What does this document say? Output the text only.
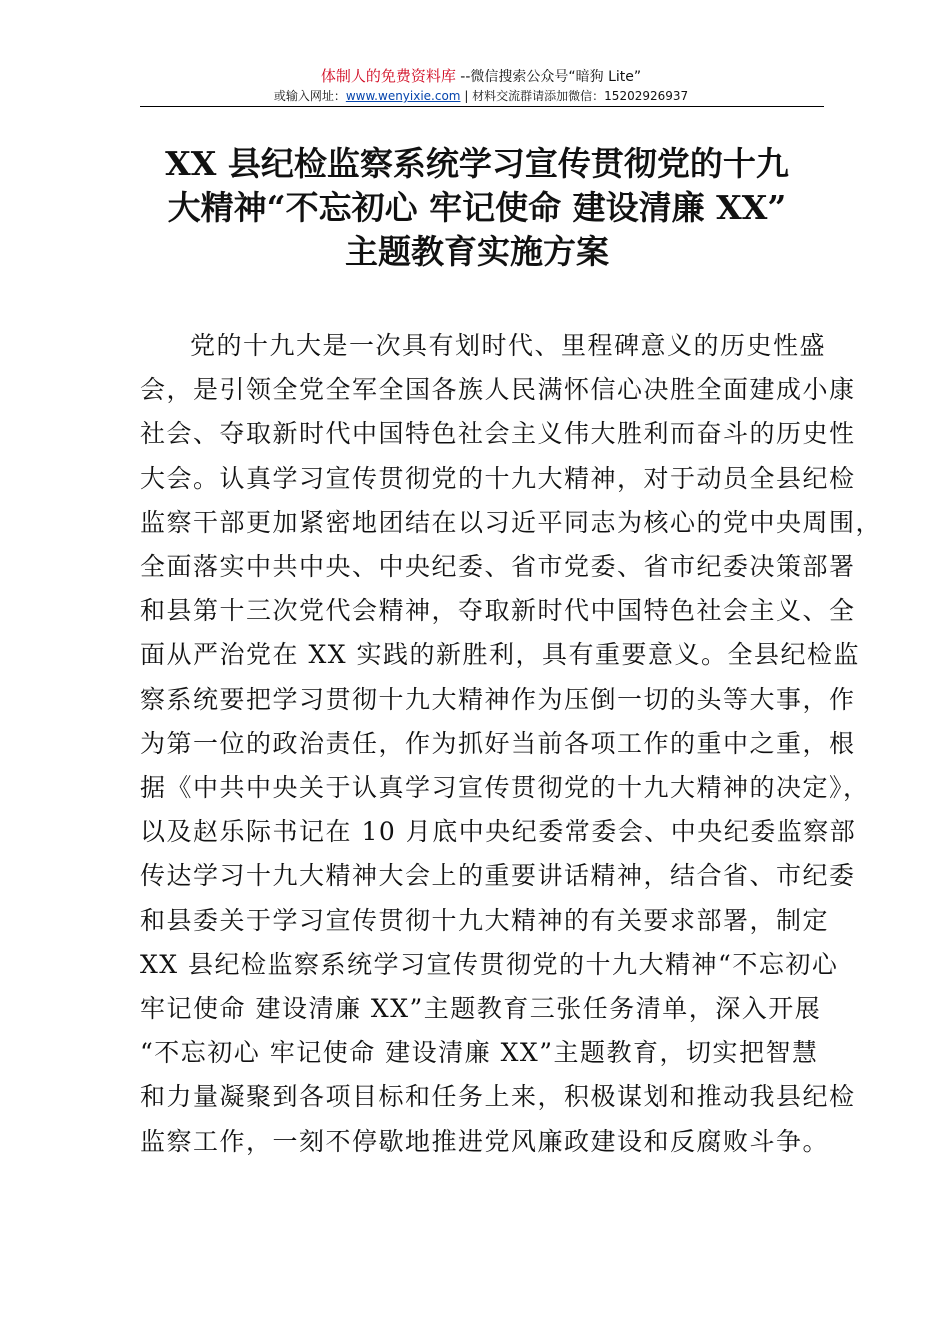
体制人的免费资料库 --微信搜索公众号“暗狗 Lite”
或输入网址：www.wenyixie.com | 材料交流群请添加微信：15202926937
XX 县纪检监察系统学习宣传贯彻党的十九
大精神“不忘初心 牢记使命 建设清廉 XX”
主题教育实施方案
党的十九大是一次具有划时代、里程碑意义的历史性盛
会，是引领全党全军全国各族人民满怀信心决胜全面建成小康
社会、夺取新时代中国特色社会主义伟大胜利而奋斗的历史性
大会。认真学习宣传贯彻党的十九大精神，对于动员全县纪检
监察干部更加紧密地团结在以习近平同志为核心的党中央周围，
全面落实中共中央、中央纪委、省市党委、省市纪委决策部署
和县第十三次党代会精神，夺取新时代中国特色社会主义、全
面从严治党在 XX 实践的新胜利，具有重要意义。全县纪检监
察系统要把学习贯彻十九大精神作为压倒一切的头等大事，作
为第一位的政治责任，作为抓好当前各项工作的重中之重，根
据《中共中央关于认真学习宣传贯彻党的十九大精神的决定》，
以及赵乐际书记在 10 月底中央纪委常委会、中央纪委监察部
传达学习十九大精神大会上的重要讲话精神，结合省、市纪委
和县委关于学习宣传贯彻十九大精神的有关要求部署，制定
XX 县纪检监察系统学习宣传贯彻党的十九大精神“不忘初心
牢记使命 建设清廉 XX”主题教育三张任务清单，深入开展
“不忘初心 牢记使命 建设清廉 XX”主题教育，切实把智慧
和力量凝聚到各项目标和任务上来，积极谋划和推动我县纪检
监察工作，一刻不停歇地推进党风廉政建设和反腐败斗争。
